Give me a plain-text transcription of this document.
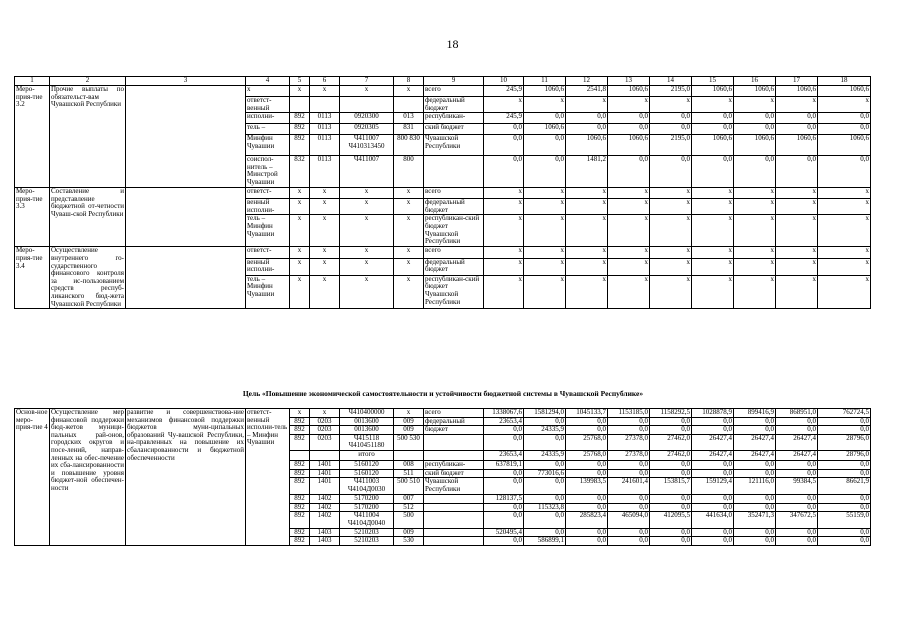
18
1	2	3	4	5	6	7	8	9	10	11	12	13	14	15	16	17	18
Меро-прия-тие 3.2	Прочие выплаты по обязательст-вам Чувашской Республики		x	x	x	x	x	всего	245,9	1060,6	2541,8	1060,6	2195,0	1060,6	1060,6	1060,6	1060,6
			ответст-венный					федеральный бюджет	x	x	x	x	x	x	x	x	x
			исполни-	892	0113	0920300	013	республикан-	245,9	0,0	0,0	0,0	0,0	0,0	0,0	0,0	0,0
			тель –	892	0113	0920305	831	ский бюджет	0,0	1060,6	0,0	0,0	0,0	0,0	0,0	0,0	0,0
			Минфин Чувашии	892	0113	Ч411007 Ч410313450	800 830	Чувашской Республики	0,0	0,0	1060,6	1060,6	2195,0	1060,6	1060,6	1060,6	1060,6
			соиспол-нитель – Минстрой Чувашии	832	0113	Ч411007	800		0,0	0,0	1481,2	0,0	0,0	0,0	0,0	0,0	0,0
Меро-прия-тие 3.3	Составление и представление бюджетной от-четности Чуваш-ской Республики		ответст-	x	x	x	x	всего	x	x	x	x	x	x	x	x	x
			венный исполни-	x	x	x	x	федеральный бюджет	x	x	x	x	x	x	x	x	x
			тель – Минфин Чувашии	x	x	x	x	республикан-ский бюджет Чувашской Республики	x	x	x	x	x	x	x	x	x
Меро-прия-тие 3.4	Осуществление внутреннего го-сударственного финансового контроля за ис-пользованием средств респуб-ликанского бюд-жета Чувашской Республики		ответст-	x	x	x	x	всего	x	x	x	x	x	x	x	x	x
			венный исполни-	x	x	x	x	федеральный бюджет	x	x	x	x	x	x	x	x	x
			тель – Минфин Чувашии	x	x	x	x	республикан-ский бюджет Чувашской Республики	x	x	x	x	x	x	x	x	x
Цель «Повышение экономической самостоятельности и устойчивости бюджетной системы в Чувашской Республике»
Основ-ное меро-прия-тие 4	Осуществление мер финансовой поддержки бюд-жетов муници-пальных рай-онов, городских округов и посе-лений, направ-ленных на обес-печение их сба-лансированности и повышение уровня бюджет-ной обеспечен-ности	развитие и совершенствова-ние механизмов финансовой поддержки бюджетов муни-ципальных образований Чу-вашской Республики, на-правленных на повышение их сбалансированности и бюджетной обеспеченности	ответст-венный исполни-тель – Минфин Чувашии	x	x	Ч410400000	x	всего	1338067,6	1581294,0	1045133,7	1153185,0	1158292,5	1028878,9	899416,9	868951,0	762724,5
				892	0203	0013600	009	федеральный	23653,4	0,0	0,0	0,0	0,0	0,0	0,0	0,0	0,0
				892	0203	0013600	009	бюджет	0,0	24335,9	0,0	0,0	0,0	0,0	0,0	0,0	0,0
				892	0203	Ч415118 Ч410451180	500 530		0,0	0,0	25768,0	27378,0	27462,0	26427,4	26427,4	26427,4	28796,0
						итого			23653,4	24335,9	25768,0	27378,0	27462,0	26427,4	26427,4	26427,4	28796,0
				892	1401	5160120	008	республикан-	637819,1	0,0	0,0	0,0	0,0	0,0	0,0	0,0	0,0
				892	1401	5160120	511	ский бюджет	0,0	773016,6	0,0	0,0	0,0	0,0	0,0	0,0	0,0
				892	1401	Ч411003 Ч4104Д0030	500 510	Чувашской Республики	0,0	0,0	139983,5	241601,4	153815,7	159129,4	121116,0	99384,5	86621,9
				892	1402	5170200	007		128137,5	0,0	0,0	0,0	0,0	0,0	0,0	0,0	0,0
				892	1402	5170200	512		0,0	115323,8	0,0	0,0	0,0	0,0	0,0	0,0	0,0
				892	1402	Ч411004 Ч4104Д0040	500		0,0	0,0	285823,4	465094,0	412095,5	441634,0	352471,3	347672,5	55159,0
				892	1403	5210203	009		520495,4	0,0	0,0	0,0	0,0	0,0	0,0	0,0	0,0
				892	1403	5210203	530		0,0	586899,1	0,0	0,0	0,0	0,0	0,0	0,0	0,0
